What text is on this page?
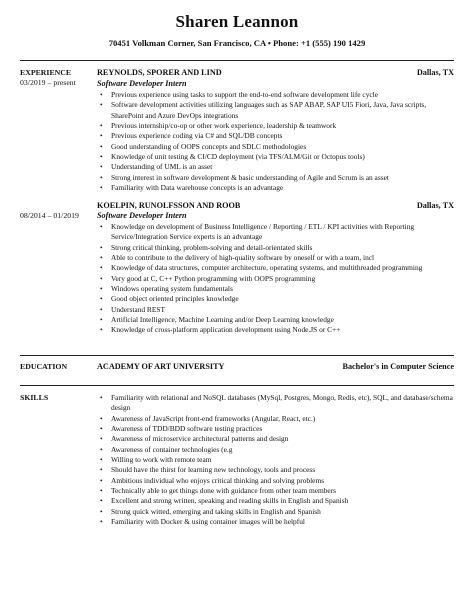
Sharen Leannon
70451 Volkman Corner, San Francisco, CA • Phone: +1 (555) 190 1429
EXPERIENCE
03/2019 – present
REYNOLDS, SPORER AND LIND	Dallas, TX
Software Developer Intern
• Previous experience using tasks to support the end-to-end software development life cycle
• Software development activities utilizing languages such as SAP ABAP, SAP UI5 Fiori, Java, Java scripts, SharePoint and Azure DevOps integrations
• Previous internship/co-op or other work experience, leadership & teamwork
• Previous experience coding via C# and SQL/DB concepts
• Good understanding of OOPS concepts and SDLC methodologies
• Knowledge of unit testing & CI/CD deployment (via TFS/ALM/Git or Octopus tools)
• Understanding of UML is an asset
• Strong interest in software development & basic understanding of Agile and Scrum is an asset
• Familiarity with Data warehouse concepts is an advantage
08/2014 – 01/2019
KOELPIN, RUNOLFSSON AND ROOB	Dallas, TX
Software Developer Intern
• Knowledge on development of Business Intelligence / Reporting / ETL / KPI activities with Reporting Service/Integration Service experts is an advantage
• Strong critical thinking, problem-solving and detail-orientated skills
• Able to contribute to the delivery of high-quality software by oneself or with a team, incl
• Knowledge of data structures, computer architecture, operating systems, and multithreaded programming
• Very good at C, C++ Python programming with OOPS programming
• Windows operating system fundamentals
• Good object oriented principles knowledge
• Understand REST
• Artificial Intelligence, Machine Learning and/or Deep Learning knowledge
• Knowledge of cross-platform application development using Node.JS or C++
EDUCATION	ACADEMY OF ART UNIVERSITY	Bachelor's in Computer Science
SKILLS
•	Familiarity with relational and NoSQL databases (MySql, Postgres, Mongo, Redis, etc), SQL, and database/schema design
• Awareness of JavaScript front-end frameworks (Angular, React, etc.)
• Awareness of TDD/BDD software testing practices
• Awareness of microservice architectural patterns and design
• Awareness of container technologies (e.g
• Willing to work with remote team
• Should have the thirst for learning new technology, tools and process
• Ambitious individual who enjoys critical thinking and solving problems
• Technically able to get things done with guidance from other team members
• Excellent and strong written, speaking and reading skills in English and Spanish
• Strong quick witted, emerging and taking skills in English and Spanish
• Familiarity with Docker & using container images will be helpful
